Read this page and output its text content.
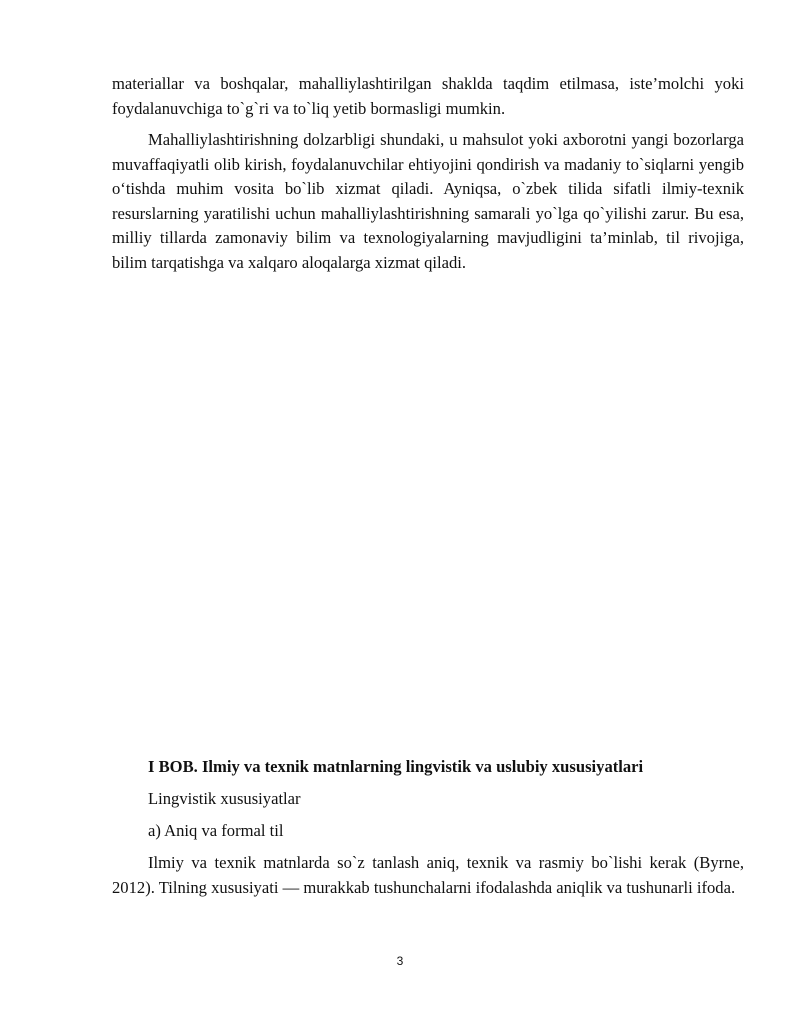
materiallar va boshqalar, mahalliylashtirilgan shaklda taqdim etilmasa, iste’molchi yoki foydalanuvchiga to`g`ri va to`liq yetib bormasligi mumkin.

Mahalliylashtirishning dolzarbligi shundaki, u mahsulot yoki axborotni yangi bozorlarga muvaffaqiyatli olib kirish, foydalanuvchilar ehtiyojini qondirish va madaniy to`siqlarni yengib o‘tishda muhim vosita bo`lib xizmat qiladi. Ayniqsa, o`zbek tilida sifatli ilmiy-texnik resurslarning yaratilishi uchun mahalliylashtirishning samarali yo`lga qo`yilishi zarur. Bu esa, milliy tillarda zamonaviy bilim va texnologiyalarning mavjudligini ta’minlab, til rivojiga, bilim tarqatishga va xalqaro aloqalarga xizmat qiladi.

I BOB. Ilmiy va texnik matnlarning lingvistik va uslubiy xususiyatlari
Lingvistik xususiyatlar
a) Aniq va formal til

Ilmiy va texnik matnlarda so`z tanlash aniq, texnik va rasmiy bo`lishi kerak (Byrne, 2012). Tilning xususiyati — murakkab tushunchalarni ifodalashda aniqlik va tushunarli ifoda.

3
